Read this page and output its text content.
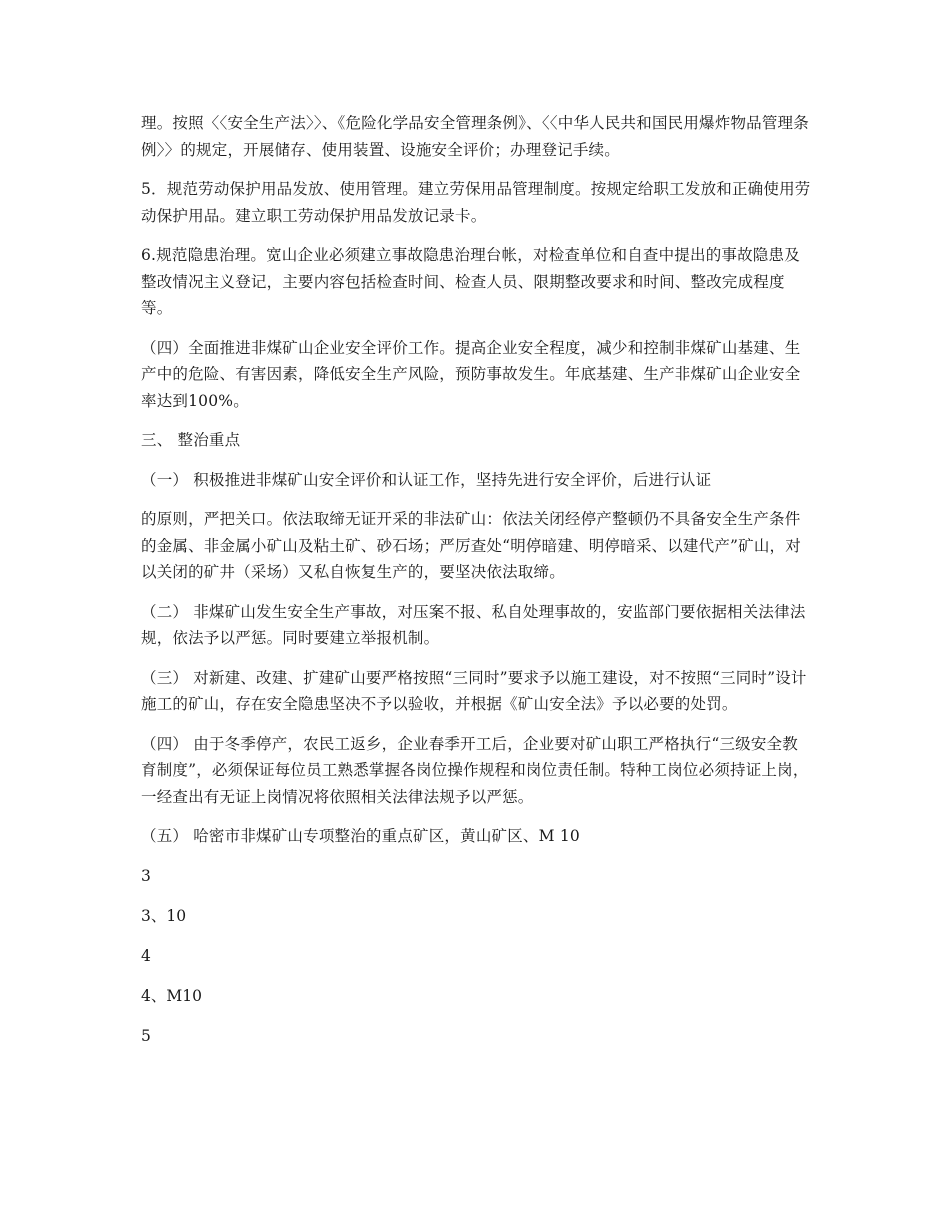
理。按照〈〈安全生产法〉〉、《危险化学品安全管理条例》、〈〈中华人民共和国民用爆炸物品管理条例〉〉的规定，开展储存、使用装置、设施安全评价；办理登记手续。

5．规范劳动保护用品发放、使用管理。建立劳保用品管理制度。按规定给职工发放和正确使用劳动保护用品。建立职工劳动保护用品发放记录卡。

6.规范隐患治理。宽山企业必须建立事故隐患治理台帐，对检查单位和自查中提出的事故隐患及整改情况主义登记，主要内容包括检查时间、检查人员、限期整改要求和时间、整改完成程度等。

（四）全面推进非煤矿山企业安全评价工作。提高企业安全程度，减少和控制非煤矿山基建、生产中的危险、有害因素，降低安全生产风险，预防事故发生。年底基建、生产非煤矿山企业安全率达到100%。

三、 整治重点

（一） 积极推进非煤矿山安全评价和认证工作，坚持先进行安全评价，后进行认证

的原则，严把关口。依法取缔无证开采的非法矿山：依法关闭经停产整顿仍不具备安全生产条件的金属、非金属小矿山及粘土矿、砂石场；严厉查处“明停暗建、明停暗采、以建代产”矿山，对以关闭的矿井（采场）又私自恢复生产的，要坚决依法取缔。

（二） 非煤矿山发生安全生产事故，对压案不报、私自处理事故的，安监部门要依据相关法律法规，依法予以严惩。同时要建立举报机制。

（三） 对新建、改建、扩建矿山要严格按照“三同时”要求予以施工建设，对不按照“三同时”设计施工的矿山，存在安全隐患坚决不予以验收，并根据《矿山安全法》予以必要的处罚。

（四） 由于冬季停产，农民工返乡，企业春季开工后，企业要对矿山职工严格执行“三级安全教育制度”，必须保证每位员工熟悉掌握各岗位操作规程和岗位责任制。特种工岗位必须持证上岗，一经查出有无证上岗情况将依照相关法律法规予以严惩。

（五） 哈密市非煤矿山专项整治的重点矿区，黄山矿区、M 10

3

3、10

4

4、M10

5
